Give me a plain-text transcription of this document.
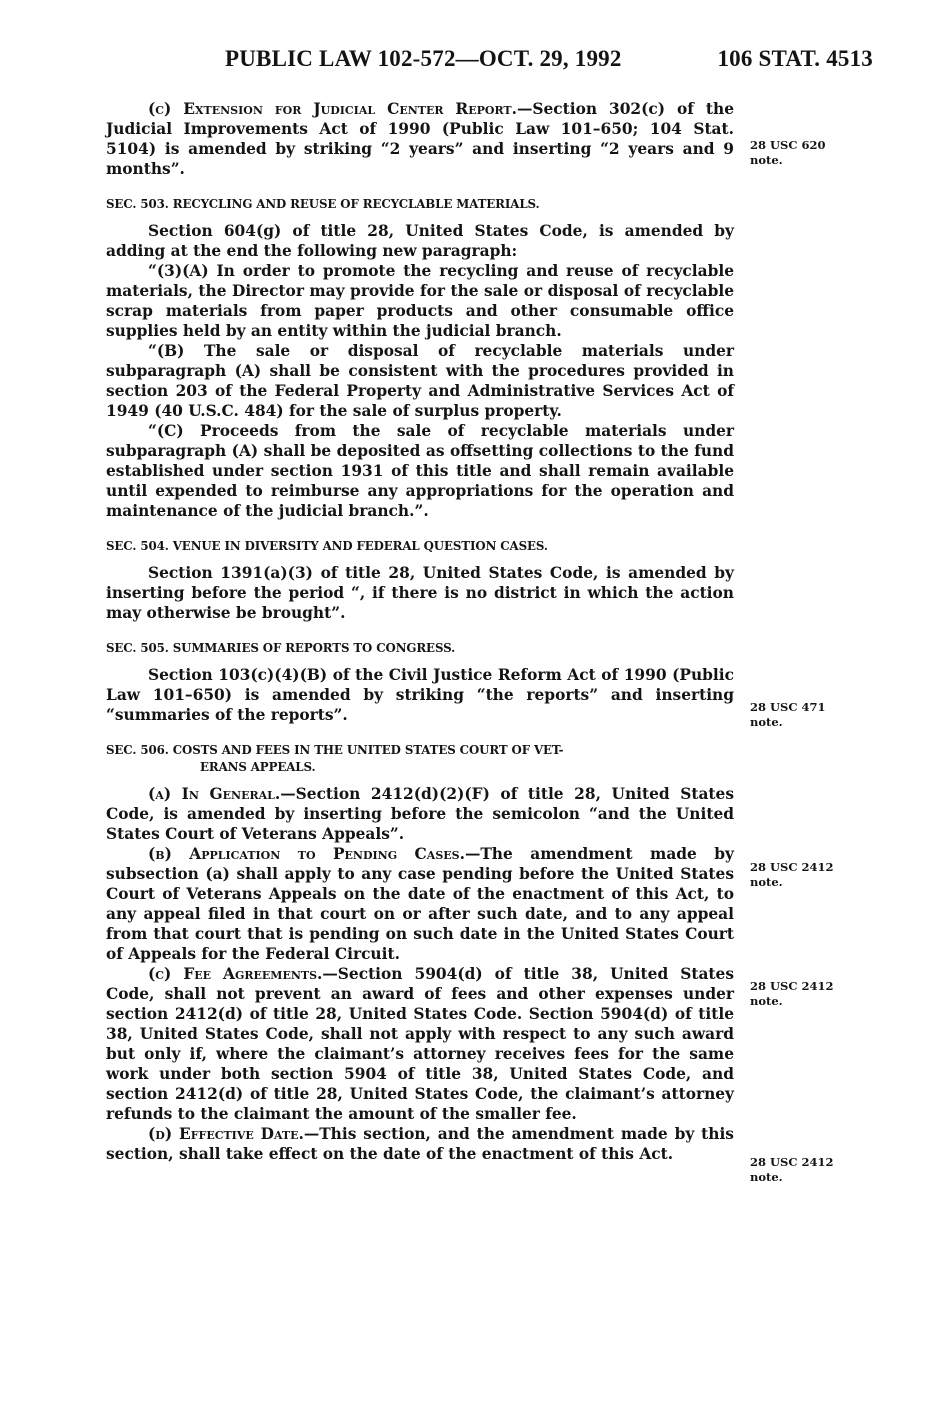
PUBLIC LAW 102-572—OCT. 29, 1992	106 STAT. 4513

(c) Extension for Judicial Center Report.—Section 302(c) of the Judicial Improvements Act of 1990 (Public Law 101–650; 104 Stat. 5104) is amended by striking “2 years” and inserting “2 years and 9 months”.

SEC. 503. RECYCLING AND REUSE OF RECYCLABLE MATERIALS.

Section 604(g) of title 28, United States Code, is amended by adding at the end the following new paragraph:

“(3)(A) In order to promote the recycling and reuse of recyclable materials, the Director may provide for the sale or disposal of recyclable scrap materials from paper products and other consumable office supplies held by an entity within the judicial branch.

“(B) The sale or disposal of recyclable materials under subparagraph (A) shall be consistent with the procedures provided in section 203 of the Federal Property and Administrative Services Act of 1949 (40 U.S.C. 484) for the sale of surplus property.

“(C) Proceeds from the sale of recyclable materials under subparagraph (A) shall be deposited as offsetting collections to the fund established under section 1931 of this title and shall remain available until expended to reimburse any appropriations for the operation and maintenance of the judicial branch.”.

SEC. 504. VENUE IN DIVERSITY AND FEDERAL QUESTION CASES.

Section 1391(a)(3) of title 28, United States Code, is amended by inserting before the period “, if there is no district in which the action may otherwise be brought”.

SEC. 505. SUMMARIES OF REPORTS TO CONGRESS.

Section 103(c)(4)(B) of the Civil Justice Reform Act of 1990 (Public Law 101–650) is amended by striking “the reports” and inserting “summaries of the reports”.

SEC. 506. COSTS AND FEES IN THE UNITED STATES COURT OF VET-
ERANS APPEALS.

(a) In General.—Section 2412(d)(2)(F) of title 28, United States Code, is amended by inserting before the semicolon “and the United States Court of Veterans Appeals”.

(b) Application to Pending Cases.—The amendment made by subsection (a) shall apply to any case pending before the United States Court of Veterans Appeals on the date of the enactment of this Act, to any appeal filed in that court on or after such date, and to any appeal from that court that is pending on such date in the United States Court of Appeals for the Federal Circuit.

(c) Fee Agreements.—Section 5904(d) of title 38, United States Code, shall not prevent an award of fees and other expenses under section 2412(d) of title 28, United States Code. Section 5904(d) of title 38, United States Code, shall not apply with respect to any such award but only if, where the claimant’s attorney receives fees for the same work under both section 5904 of title 38, United States Code, and section 2412(d) of title 28, United States Code, the claimant’s attorney refunds to the claimant the amount of the smaller fee.

(d) Effective Date.—This section, and the amendment made by this section, shall take effect on the date of the enactment of this Act.

28 USC 620
note.
28 USC 471
note.
28 USC 2412
note.
28 USC 2412
note.
28 USC 2412
note.
